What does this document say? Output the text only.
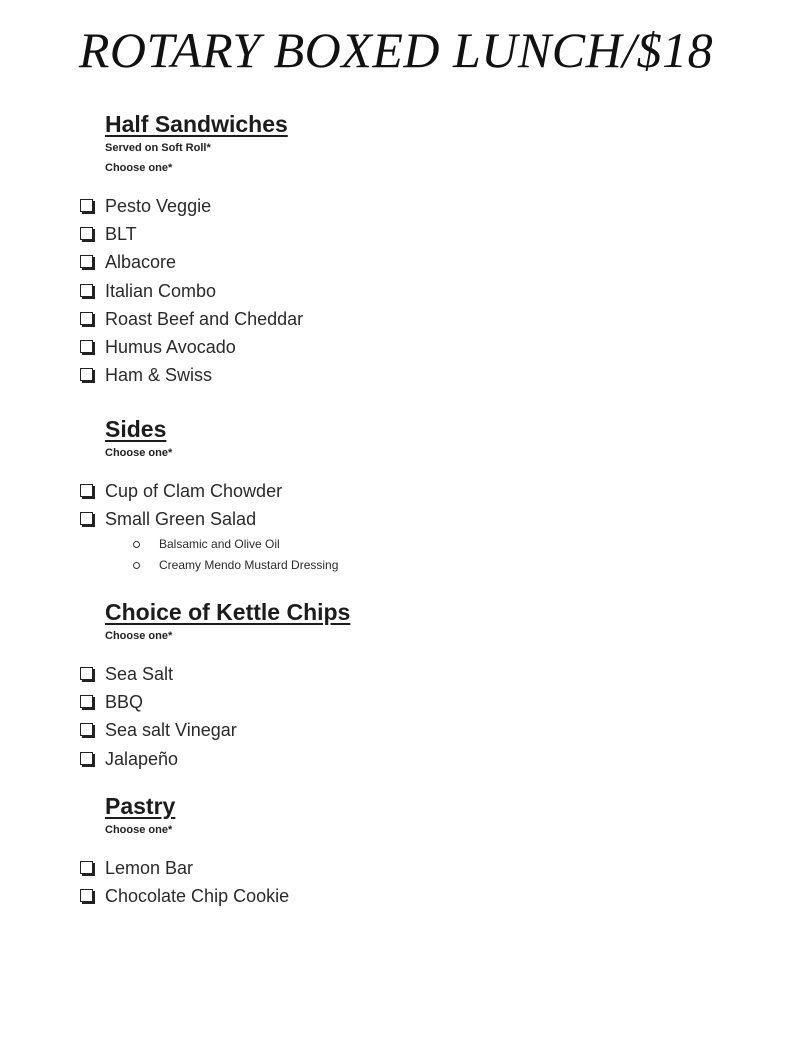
ROTARY BOXED LUNCH/$18
Half Sandwiches
Served on Soft Roll*
Choose one*
Pesto Veggie
BLT
Albacore
Italian Combo
Roast Beef and Cheddar
Humus Avocado
Ham & Swiss
Sides
Choose one*
Cup of Clam Chowder
Small Green Salad
Balsamic and Olive Oil
Creamy Mendo Mustard Dressing
Choice of Kettle Chips
Choose one*
Sea Salt
BBQ
Sea salt Vinegar
Jalapeño
Pastry
Choose one*
Lemon Bar
Chocolate Chip Cookie
